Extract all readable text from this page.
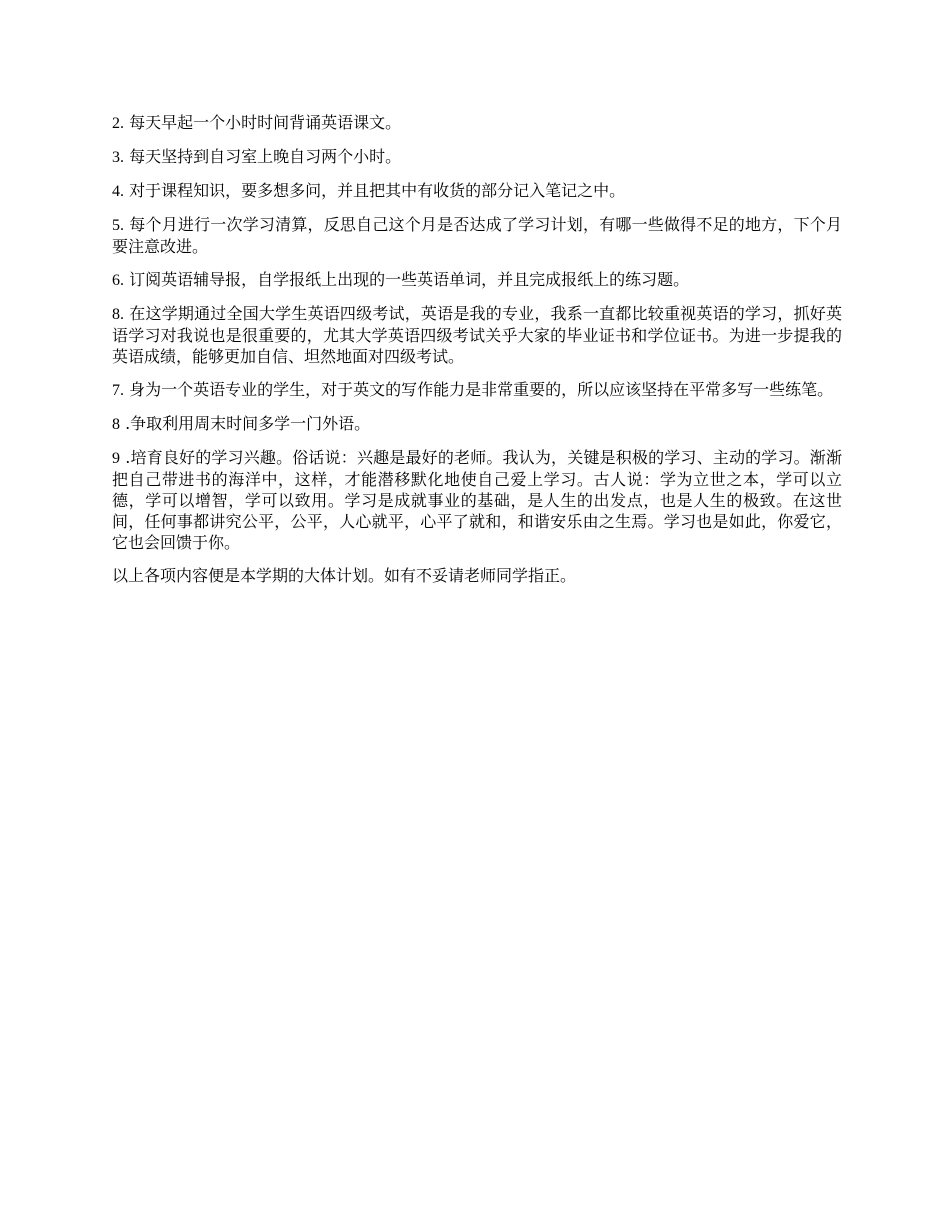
2. 每天早起一个小时时间背诵英语课文。

3. 每天坚持到自习室上晚自习两个小时。

4. 对于课程知识，要多想多问，并且把其中有收货的部分记入笔记之中。

5. 每个月进行一次学习清算，反思自己这个月是否达成了学习计划，有哪一些做得不足的地方，下个月要注意改进。

6. 订阅英语辅导报，自学报纸上出现的一些英语单词，并且完成报纸上的练习题。

8. 在这学期通过全国大学生英语四级考试，英语是我的专业，我系一直都比较重视英语的学习，抓好英语学习对我说也是很重要的，尤其大学英语四级考试关乎大家的毕业证书和学位证书。为进一步提我的英语成绩，能够更加自信、坦然地面对四级考试。

7. 身为一个英语专业的学生，对于英文的写作能力是非常重要的，所以应该坚持在平常多写一些练笔。

8 .争取利用周末时间多学一门外语。

9 .培育良好的学习兴趣。俗话说：兴趣是最好的老师。我认为，关键是积极的学习、主动的学习。渐渐把自己带进书的海洋中，这样，才能潜移默化地使自己爱上学习。古人说：学为立世之本，学可以立德，学可以增智，学可以致用。学习是成就事业的基础，是人生的出发点，也是人生的极致。在这世间，任何事都讲究公平，公平，人心就平，心平了就和，和谐安乐由之生焉。学习也是如此，你爱它，它也会回馈于你。

以上各项内容便是本学期的大体计划。如有不妥请老师同学指正。
